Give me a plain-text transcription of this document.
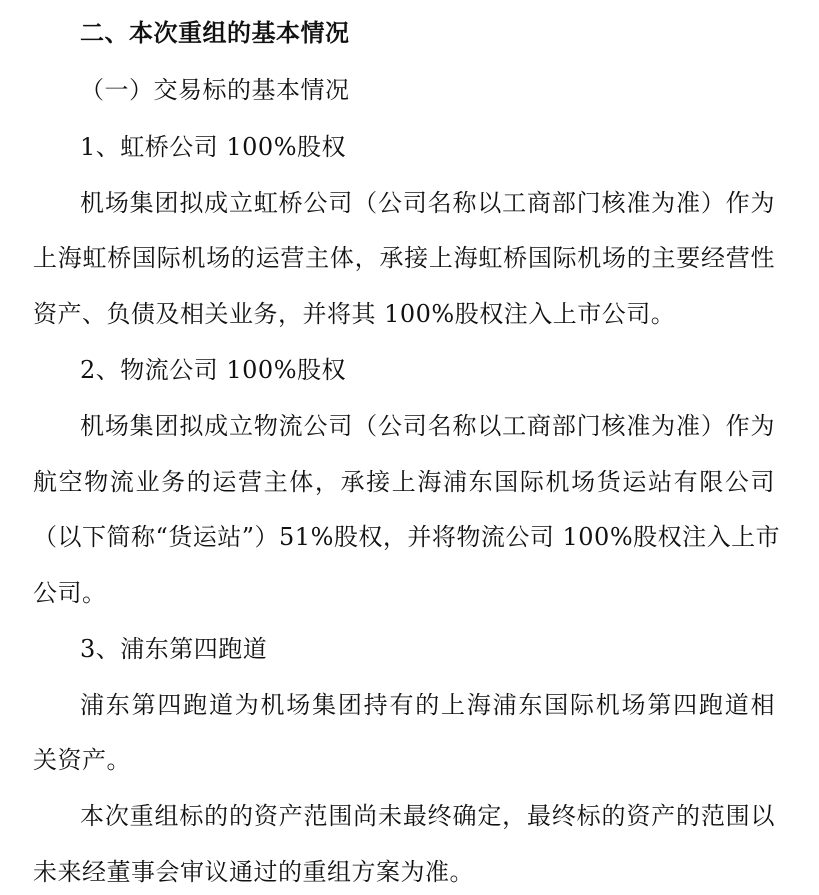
二、本次重组的基本情况
（一）交易标的基本情况
1、虹桥公司 100%股权
机场集团拟成立虹桥公司（公司名称以工商部门核准为准）作为
上海虹桥国际机场的运营主体，承接上海虹桥国际机场的主要经营性
资产、负债及相关业务，并将其 100%股权注入上市公司。
2、物流公司 100%股权
机场集团拟成立物流公司（公司名称以工商部门核准为准）作为
航空物流业务的运营主体，承接上海浦东国际机场货运站有限公司
（以下简称“货运站”）51%股权，并将物流公司 100%股权注入上市
公司。
3、浦东第四跑道
浦东第四跑道为机场集团持有的上海浦东国际机场第四跑道相
关资产。
本次重组标的的资产范围尚未最终确定，最终标的资产的范围以
未来经董事会审议通过的重组方案为准。
